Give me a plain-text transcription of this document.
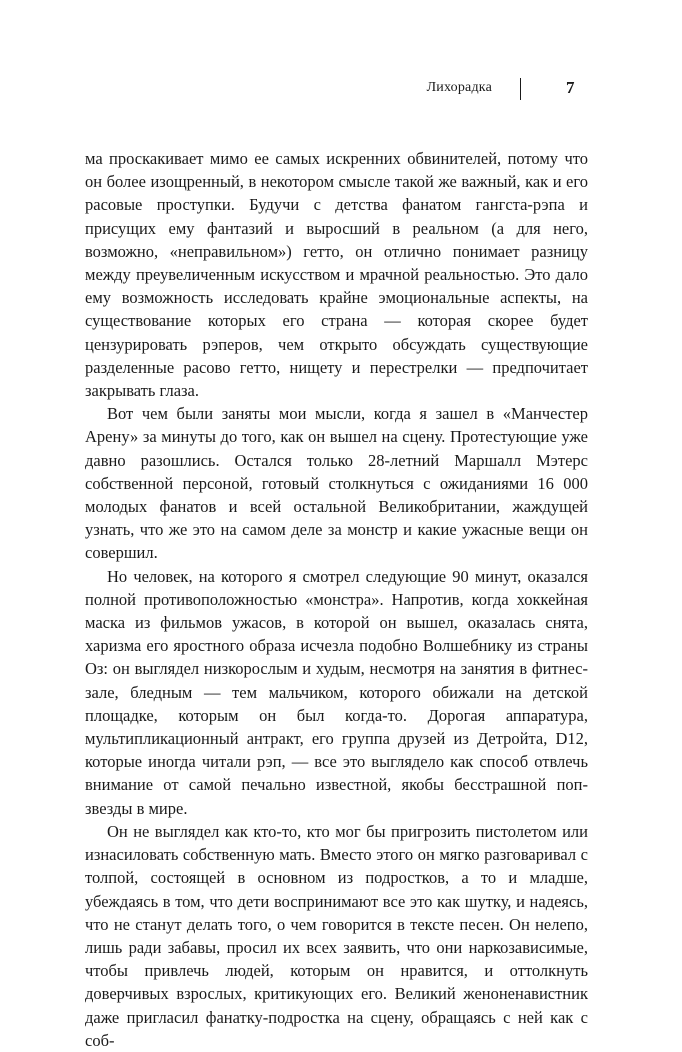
Лихорадка	7

ма проскакивает мимо ее самых искренних обвинителей, потому что он более изощренный, в некотором смысле такой же важный, как и его расовые проступки. Будучи с детства фанатом гангста-рэпа и присущих ему фантазий и выросший в реальном (а для него, возможно, «неправильном») гетто, он отлично понимает разницу между преувеличенным искусством и мрачной реальностью. Это дало ему возможность исследовать крайне эмоциональные аспекты, на существование которых его страна — которая скорее будет цензурировать рэперов, чем открыто обсуждать существующие разделенные расово гетто, нищету и перестрелки — предпочитает закрывать глаза.

Вот чем были заняты мои мысли, когда я зашел в «Манчестер Арену» за минуты до того, как он вышел на сцену. Протестующие уже давно разошлись. Остался только 28-летний Маршалл Мэтерс собственной персоной, готовый столкнуться с ожиданиями 16 000 молодых фанатов и всей остальной Великобритании, жаждущей узнать, что же это на самом деле за монстр и какие ужасные вещи он совершил.

Но человек, на которого я смотрел следующие 90 минут, оказался полной противоположностью «монстра». Напротив, когда хоккейная маска из фильмов ужасов, в которой он вышел, оказалась снята, харизма его яростного образа исчезла подобно Волшебнику из страны Оз: он выглядел низкорослым и худым, несмотря на занятия в фитнес-зале, бледным — тем мальчиком, которого обижали на детской площадке, которым он был когда-то. Дорогая аппаратура, мультипликационный антракт, его группа друзей из Детройта, D12, которые иногда читали рэп, — все это выглядело как способ отвлечь внимание от самой печально известной, якобы бесстрашной поп-звезды в мире.

Он не выглядел как кто-то, кто мог бы пригрозить пистолетом или изнасиловать собственную мать. Вместо этого он мягко разговаривал с толпой, состоящей в основном из подростков, а то и младше, убеждаясь в том, что дети воспринимают все это как шутку, и надеясь, что не станут делать того, о чем говорится в тексте песен. Он нелепо, лишь ради забавы, просил их всех заявить, что они наркозависимые, чтобы привлечь людей, которым он нравится, и оттолкнуть доверчивых взрослых, критикующих его. Великий женоненавистник даже пригласил фанатку-подростка на сцену, обращаясь с ней как с соб-
